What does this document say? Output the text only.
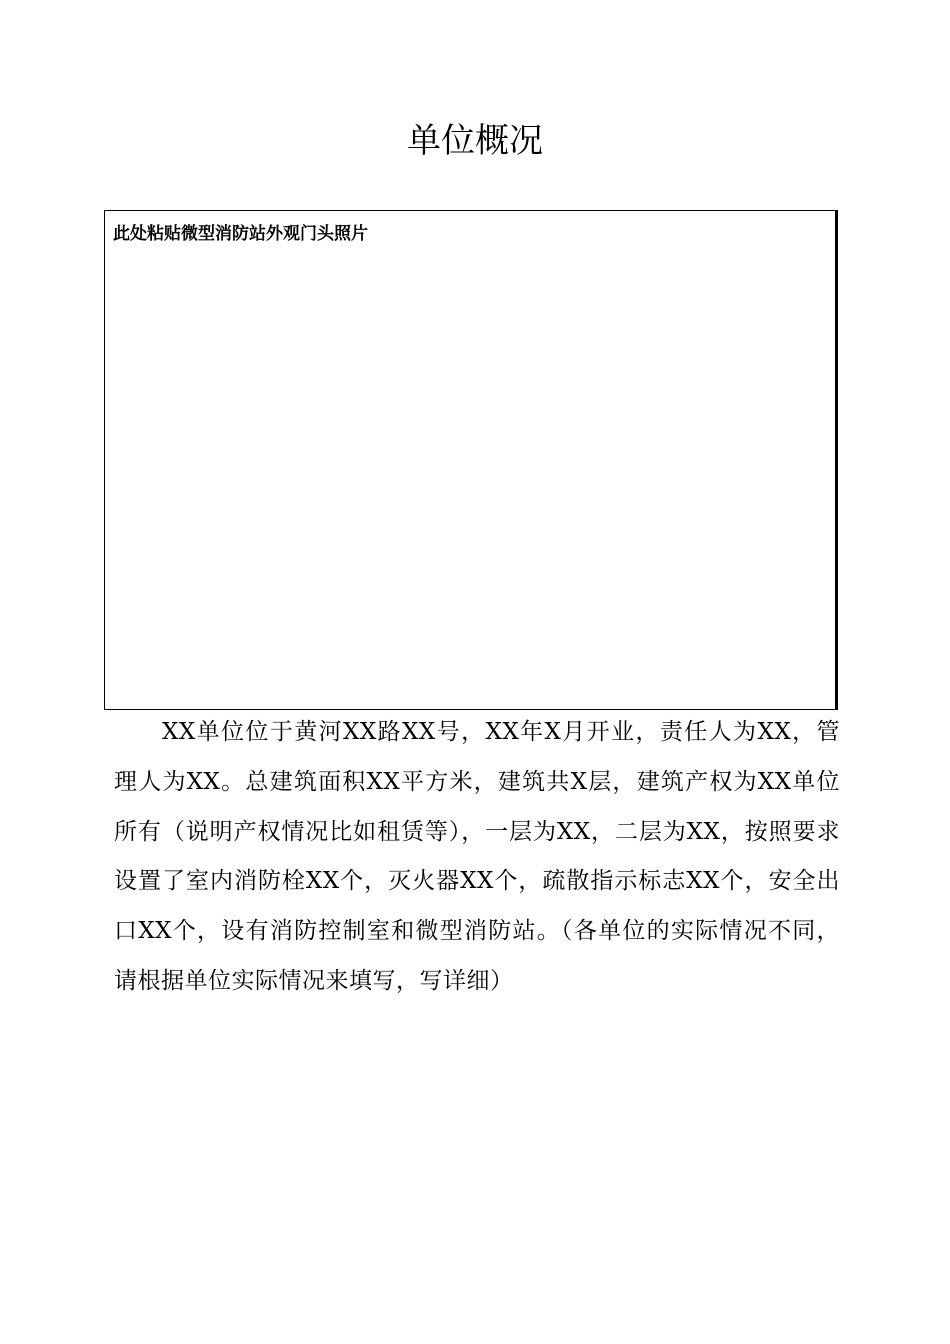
单位概况
此处粘贴微型消防站外观门头照片

XX单位位于黄河XX路XX号，XX年X月开业，责任人为XX，管理人为XX。总建筑面积XX平方米，建筑共X层，建筑产权为XX单位所有（说明产权情况比如租赁等），一层为XX，二层为XX，按照要求设置了室内消防栓XX个，灭火器XX个，疏散指示标志XX个，安全出口XX个，设有消防控制室和微型消防站。（各单位的实际情况不同，请根据单位实际情况来填写，写详细）
